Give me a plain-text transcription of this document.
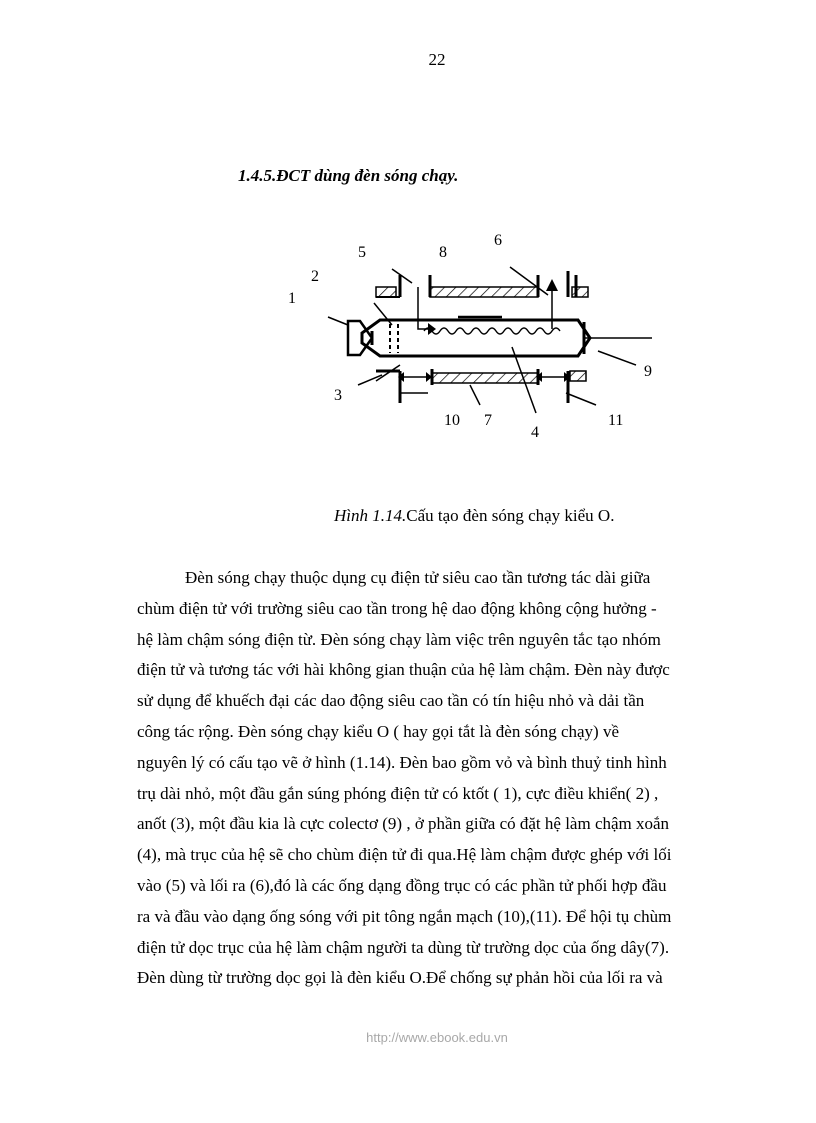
22
1.4.5.ĐCT dùng đèn sóng chạy.
1
2
3
4
5
6
7
8
9
10	11
Hình 1.14.Cấu tạo đèn sóng chạy kiểu O.
Đèn sóng chạy thuộc dụng cụ điện tử siêu cao tần tương tác dài giữa
chùm điện tử với trường siêu cao tần trong hệ dao động không cộng hưởng -
hệ làm chậm sóng điện từ. Đèn sóng chạy làm việc trên nguyên tắc tạo nhóm
điện tử và tương tác với hài không gian thuận của hệ làm chậm. Đèn này được
sử dụng để khuếch đại các dao động siêu cao tần có tín hiệu nhỏ và dải tần
công tác rộng. Đèn sóng chạy kiểu O ( hay gọi tắt là đèn sóng chạy) về
nguyên lý có cấu tạo vẽ ở hình (1.14). Đèn bao gồm vỏ và bình thuỷ tinh hình
trụ dài nhỏ, một đầu gắn súng phóng điện tử có ktốt ( 1), cực điều khiển( 2) ,
anốt (3), một đầu kia là cực colectơ (9) , ở phần giữa có đặt hệ làm chậm xoắn
(4), mà trục của hệ sẽ cho chùm điện tử đi qua.Hệ làm chậm được ghép với lối
vào (5) và lối ra (6),đó là các ống dạng đồng trục có các phần tử phối hợp đầu
ra và đầu vào dạng ống sóng với pit tông ngắn mạch (10),(11). Để hội tụ chùm
điện tử dọc trục của hệ làm chậm người ta dùng từ trường dọc của ống dây(7).
Đèn dùng từ trường dọc gọi là đèn kiểu O.Để chống sự phản hồi của lối ra và
http://www.ebook.edu.vn
